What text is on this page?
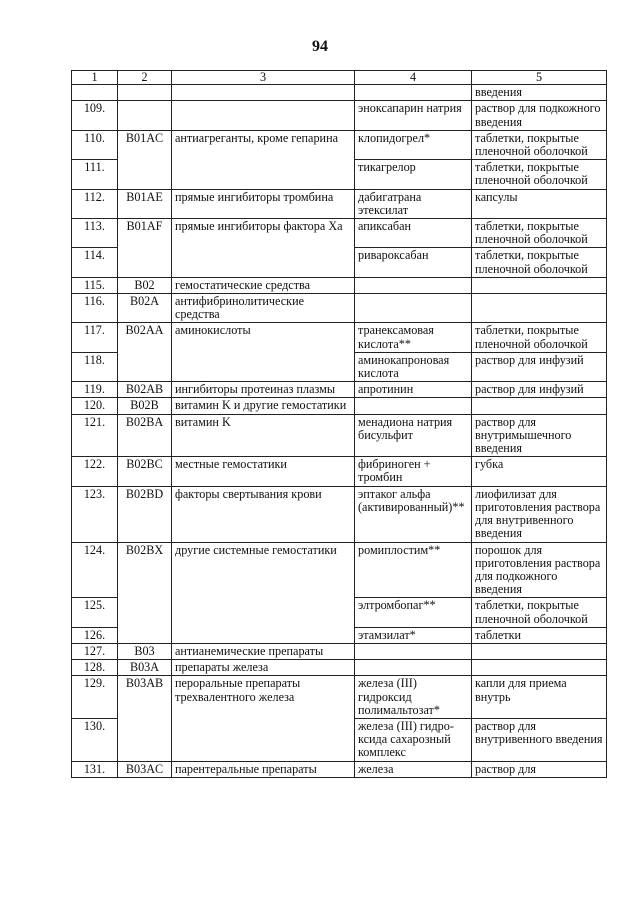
94
1	2	3	4	5
				введения
109.			эноксапарин натрия	раствор для подкожного введения
110.	B01AC	антиагреганты, кроме гепарина	клопидогрел*	таблетки, покрытые пленочной оболочкой
111.			тикагрелор	таблетки, покрытые пленочной оболочкой
112.	B01AE	прямые ингибиторы тромбина	дабигатрана этексилат	капсулы
113.	B01AF	прямые ингибиторы фактора Xa	апиксабан	таблетки, покрытые пленочной оболочкой
114.			ривароксабан	таблетки, покрытые пленочной оболочкой
115.	B02	гемостатические средства		
116.	B02A	антифибринолитические средства		
117.	B02AA	аминокислоты	транексамовая кислота**	таблетки, покрытые пленочной оболочкой
118.			аминокапроновая кислота	раствор для инфузий
119.	B02AB	ингибиторы протеиназ плазмы	апротинин	раствор для инфузий
120.	B02B	витамин K и другие гемостатики		
121.	B02BA	витамин K	менадиона натрия бисульфит	раствор для внутримышечного введения
122.	B02BC	местные гемостатики	фибриноген + тромбин	губка
123.	B02BD	факторы свертывания крови	эптаког альфа (активированный)**	лиофилизат для приготовления раствора для внутривенного введения
124.	B02BX	другие системные гемостатики	ромиплостим**	порошок для приготовления раствора для подкожного введения
125.			элтромбопаг**	таблетки, покрытые пленочной оболочкой
126.			этамзилат*	таблетки
127.	B03	антианемические препараты		
128.	B03A	препараты железа		
129.	B03AB	пероральные препараты трехвалентного железа	железа (III) гидроксид полимальтозат*	капли для приема внутрь
130.			железа (III) гидро-ксида сахарозный комплекс	раствор для внутривенного введения
131.	B03AC	парентеральные препараты	железа	раствор для
